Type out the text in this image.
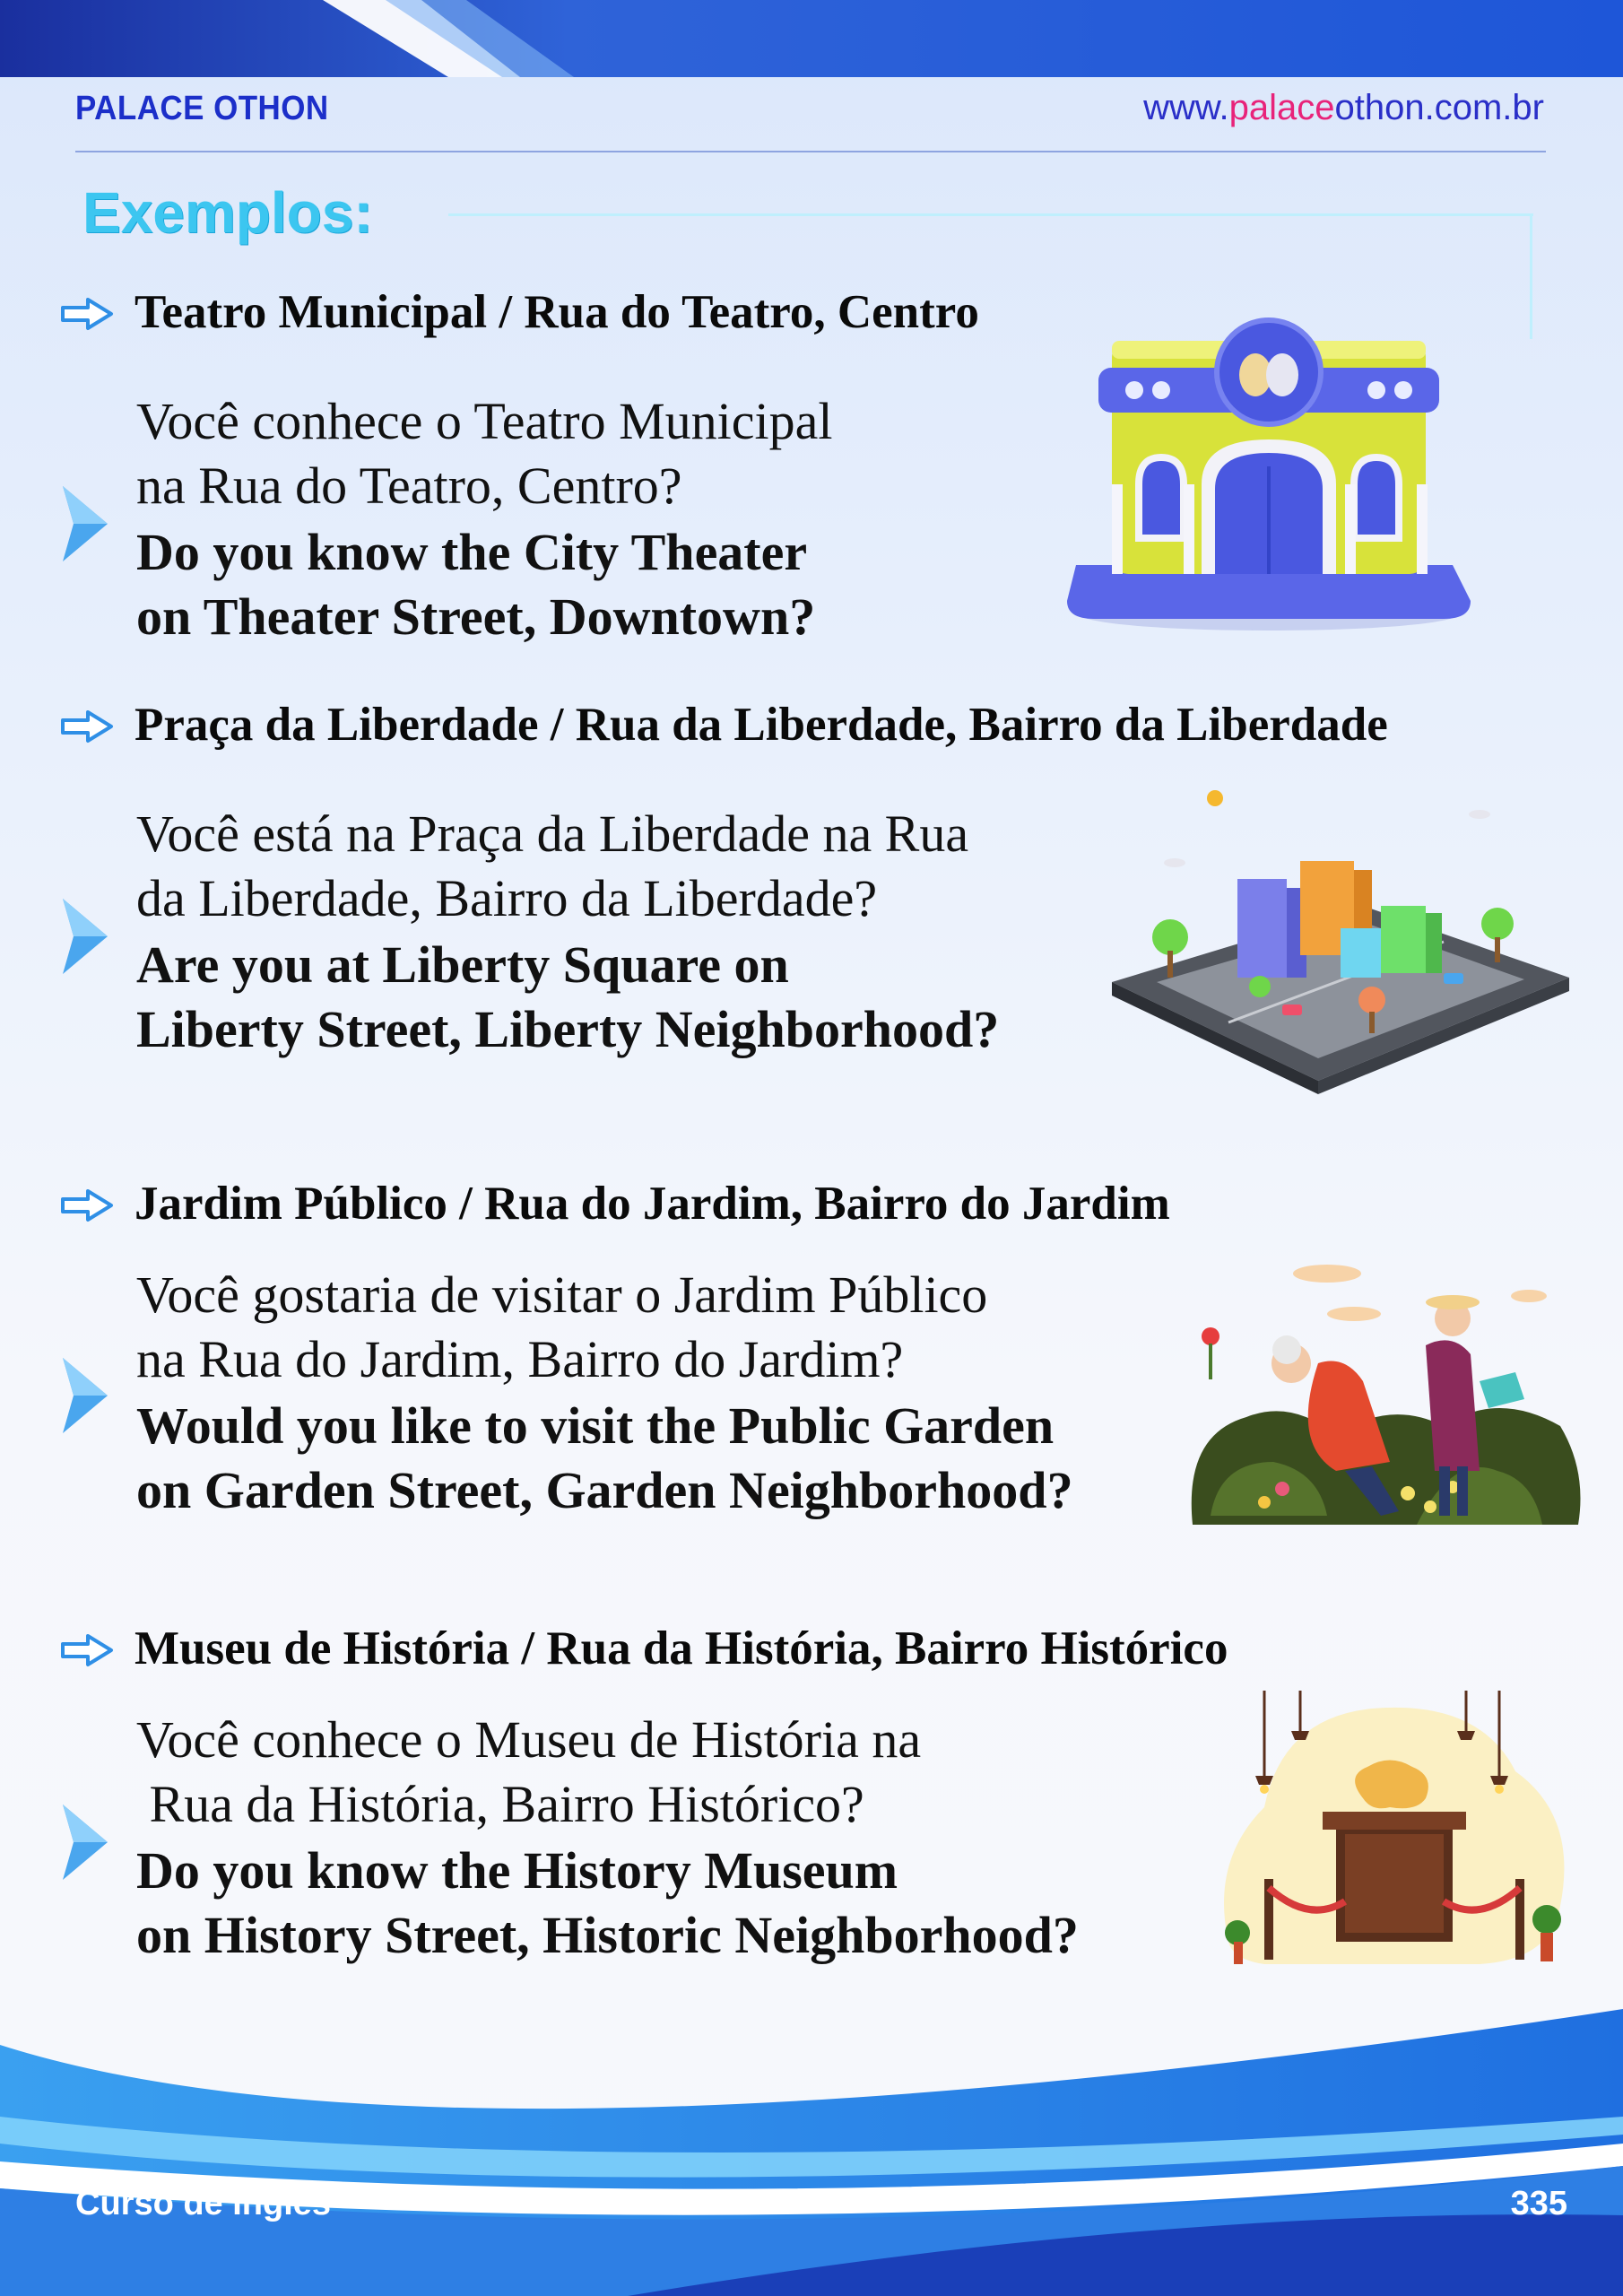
PALACE OTHON	www.palaceothon.com.br
Exemplos:
Teatro Municipal / Rua do Teatro, Centro
Você conhece o Teatro Municipal
na Rua do Teatro, Centro?
Do you know the City Theater
on Theater Street, Downtown?
Praça da Liberdade / Rua da Liberdade, Bairro da Liberdade
Você está na Praça da Liberdade na Rua
da Liberdade, Bairro da Liberdade?
Are you at Liberty Square on
Liberty Street, Liberty Neighborhood?
Jardim Público / Rua do Jardim, Bairro do Jardim
Você gostaria de visitar o Jardim Público
na Rua do Jardim, Bairro do Jardim?
Would you like to visit the Public Garden
on Garden Street, Garden Neighborhood?
Museu de História / Rua da História, Bairro Histórico
Você conhece o Museu de História na
Rua da História, Bairro Histórico?
Do you know the History Museum
on History Street, Historic Neighborhood?
Curso de Inglês	335
